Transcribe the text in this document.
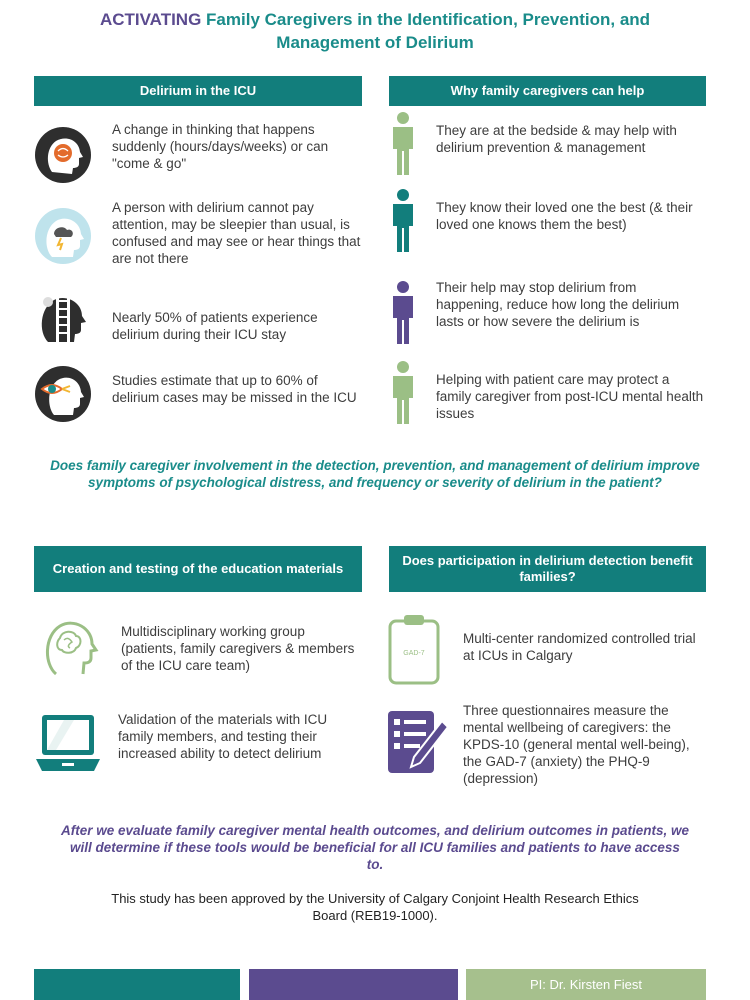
ACTIVATING Family Caregivers in the Identification, Prevention, and
Management of Delirium
Delirium in the ICU	Why family caregivers can help
A change in thinking that happens suddenly (hours/days/weeks) or can "come & go"
A person with delirium cannot pay attention, may be sleepier than usual, is confused and may see or hear things that are not there
Nearly 50% of patients experience delirium during their ICU stay
Studies estimate that up to 60% of delirium cases may be missed in the ICU
They are at the bedside & may help with delirium prevention & management
They know their loved one the best (& their loved one knows them the best)
Their help may stop delirium from happening, reduce how long the delirium lasts or how severe the delirium is
Helping with patient care may protect a family caregiver from post-ICU mental health issues
Does family caregiver involvement in the detection, prevention, and management of delirium improve symptoms of psychological distress, and frequency or severity of delirium in the patient?
Creation and testing of the education materials
Does participation in delirium detection benefit families?
Multidisciplinary working group (patients, family caregivers & members of the ICU care team)
Validation of the materials with ICU family members, and testing their increased ability to detect delirium
GAD-7
Multi-center randomized controlled trial at ICUs in Calgary
Three questionnaires measure the mental wellbeing of caregivers: the KPDS-10 (general mental well-being), the GAD-7 (anxiety) the PHQ-9 (depression)
After we evaluate family caregiver mental health outcomes, and delirium outcomes in patients, we will determine if these tools would be beneficial for all ICU families and patients to have access to.
This study has been approved by the University of Calgary Conjoint Health Research Ethics Board (REB19-1000).
PI: Dr. Kirsten Fiest
